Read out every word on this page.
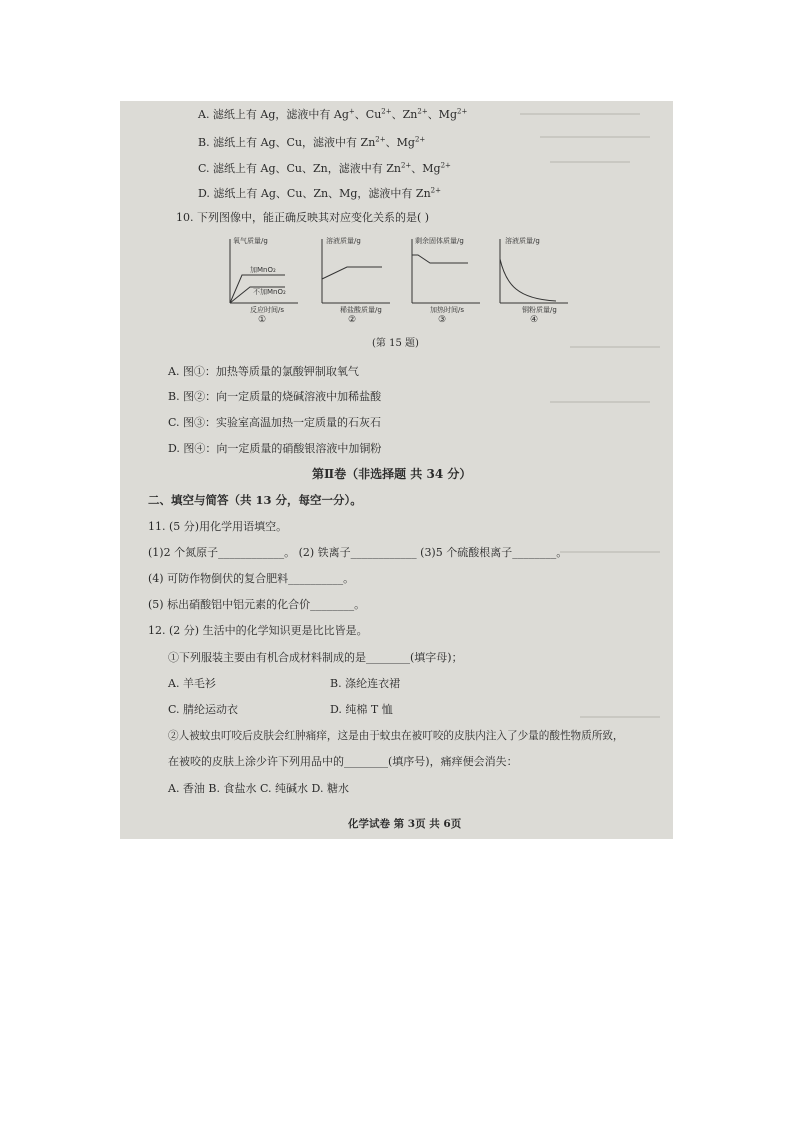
A. 滤纸上有 Ag，滤液中有 Ag+、$Cu^{2+}$、$Zn^{2+}$、$Mg^{2+}$
B. 滤纸上有 Ag、Cu，滤液中有 $Zn^{2+}$、$Mg^{2+}$
C. 滤纸上有 Ag、Cu、Zn，滤液中有 $Zn^{2+}$、$Mg^{2+}$
D. 滤纸上有 Ag、Cu、Zn、Mg，滤液中有 $Zn^{2+}$
10. 下列图像中，能正确反映其对应变化关系的是( )
氧气质量/g
加MnO₂
不加MnO₂
反应时间/s
①
溶液质量/g
稀盐酸质量/g
②
剩余固体质量/g
加热时间/s
③
溶液质量/g
铜粉质量/g
④
(第 15 题)
A. 图①：加热等质量的氯酸钾制取氧气
B. 图②：向一定质量的烧碱溶液中加稀盐酸
C. 图③：实验室高温加热一定质量的石灰石
D. 图④：向一定质量的硝酸银溶液中加铜粉
第Ⅱ卷（非选择题 共 34 分）
二、填空与简答（共 13 分，每空一分）。
11. (5 分)用化学用语填空。
(1)2 个氮原子____________。 (2) 铁离子____________ (3)5 个硫酸根离子________。
(4) 可防作物倒伏的复合肥料__________。
(5) 标出硝酸铝中铝元素的化合价________。
12. (2 分) 生活中的化学知识更是比比皆是。
①下列服装主要由有机合成材料制成的是________(填字母)；
A. 羊毛衫	B. 涤纶连衣裙
C. 腈纶运动衣	D. 纯棉 T 恤
②人被蚊虫叮咬后皮肤会红肿痛痒，这是由于蚊虫在被叮咬的皮肤内注入了少量的酸性物质所致，
在被咬的皮肤上涂少许下列用品中的________(填序号)，痛痒便会消失：
A. 香油 B. 食盐水 C. 纯碱水 D. 糖水
化学试卷 第 3页 共 6页
